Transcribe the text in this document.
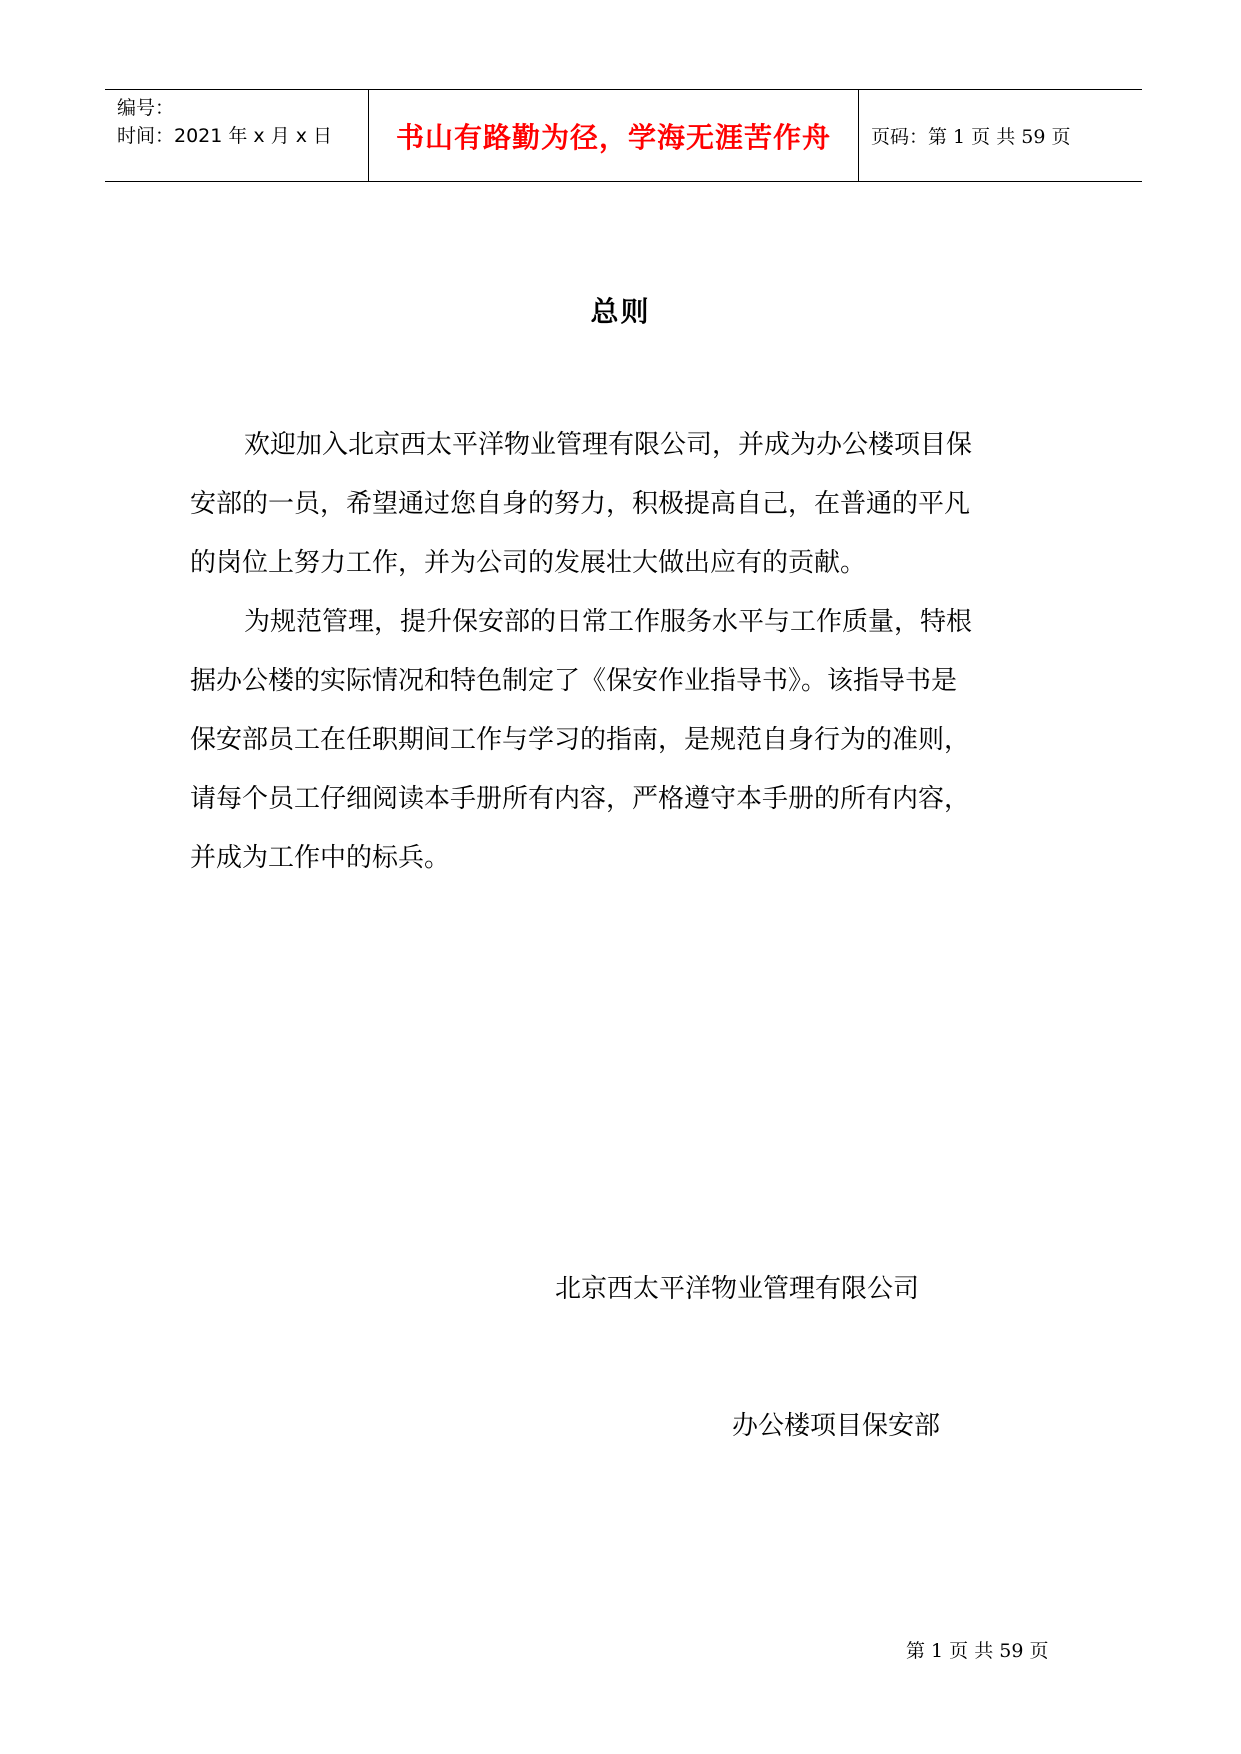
编号：
时间：2021 年 x 月 x 日	书山有路勤为径，学海无涯苦作舟	页码：第 1 页 共 59 页
总则

欢迎加入北京西太平洋物业管理有限公司，并成为办公楼项目保
安部的一员，希望通过您自身的努力，积极提高自己，在普通的平凡
的岗位上努力工作，并为公司的发展壮大做出应有的贡献。

为规范管理，提升保安部的日常工作服务水平与工作质量，特根
据办公楼的实际情况和特色制定了《保安作业指导书》。该指导书是
保安部员工在任职期间工作与学习的指南，是规范自身行为的准则，
请每个员工仔细阅读本手册所有内容，严格遵守本手册的所有内容，
并成为工作中的标兵。

北京西太平洋物业管理有限公司
办公楼项目保安部
第 1 页 共 59 页
